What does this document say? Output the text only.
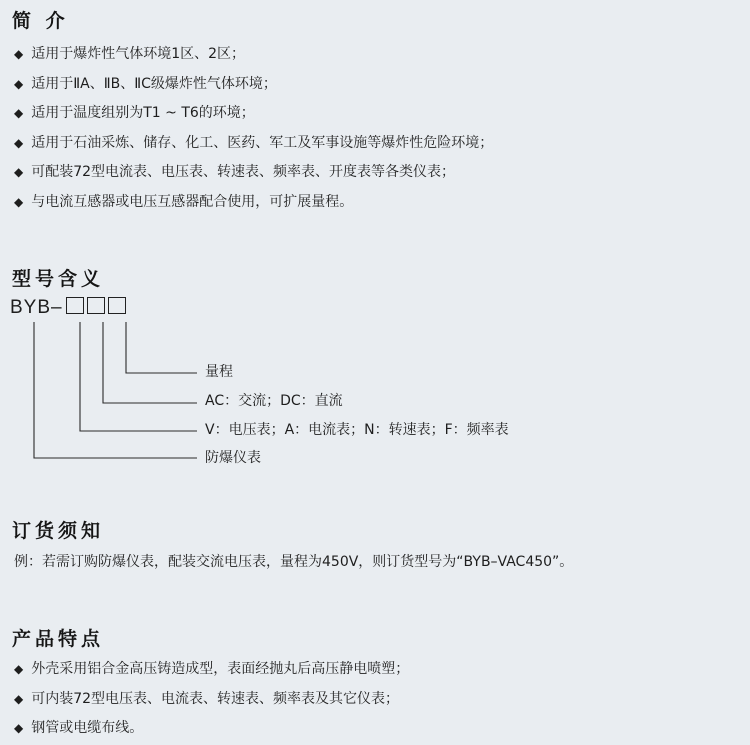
简 介
◆ 适用于爆炸性气体环境1区、2区；
◆ 适用于ⅡA、ⅡB、ⅡC级爆炸性气体环境；
◆ 适用于温度组别为T1 ~ T6的环境；
◆ 适用于石油采炼、储存、化工、医药、军工及军事设施等爆炸性危险环境；
◆ 可配装72型电流表、电压表、转速表、频率表、开度表等各类仪表；
◆ 与电流互感器或电压互感器配合使用，可扩展量程。
型号含义
BYB–
量程
AC：交流；DC：直流
V：电压表；A：电流表；N：转速表；F：频率表
防爆仪表
订货须知
例：若需订购防爆仪表，配装交流电压表，量程为450V，则订货型号为“BYB–VAC450”。
产品特点
◆ 外壳采用铝合金高压铸造成型，表面经抛丸后高压静电喷塑；
◆ 可内装72型电压表、电流表、转速表、频率表及其它仪表；
◆ 钢管或电缆布线。
